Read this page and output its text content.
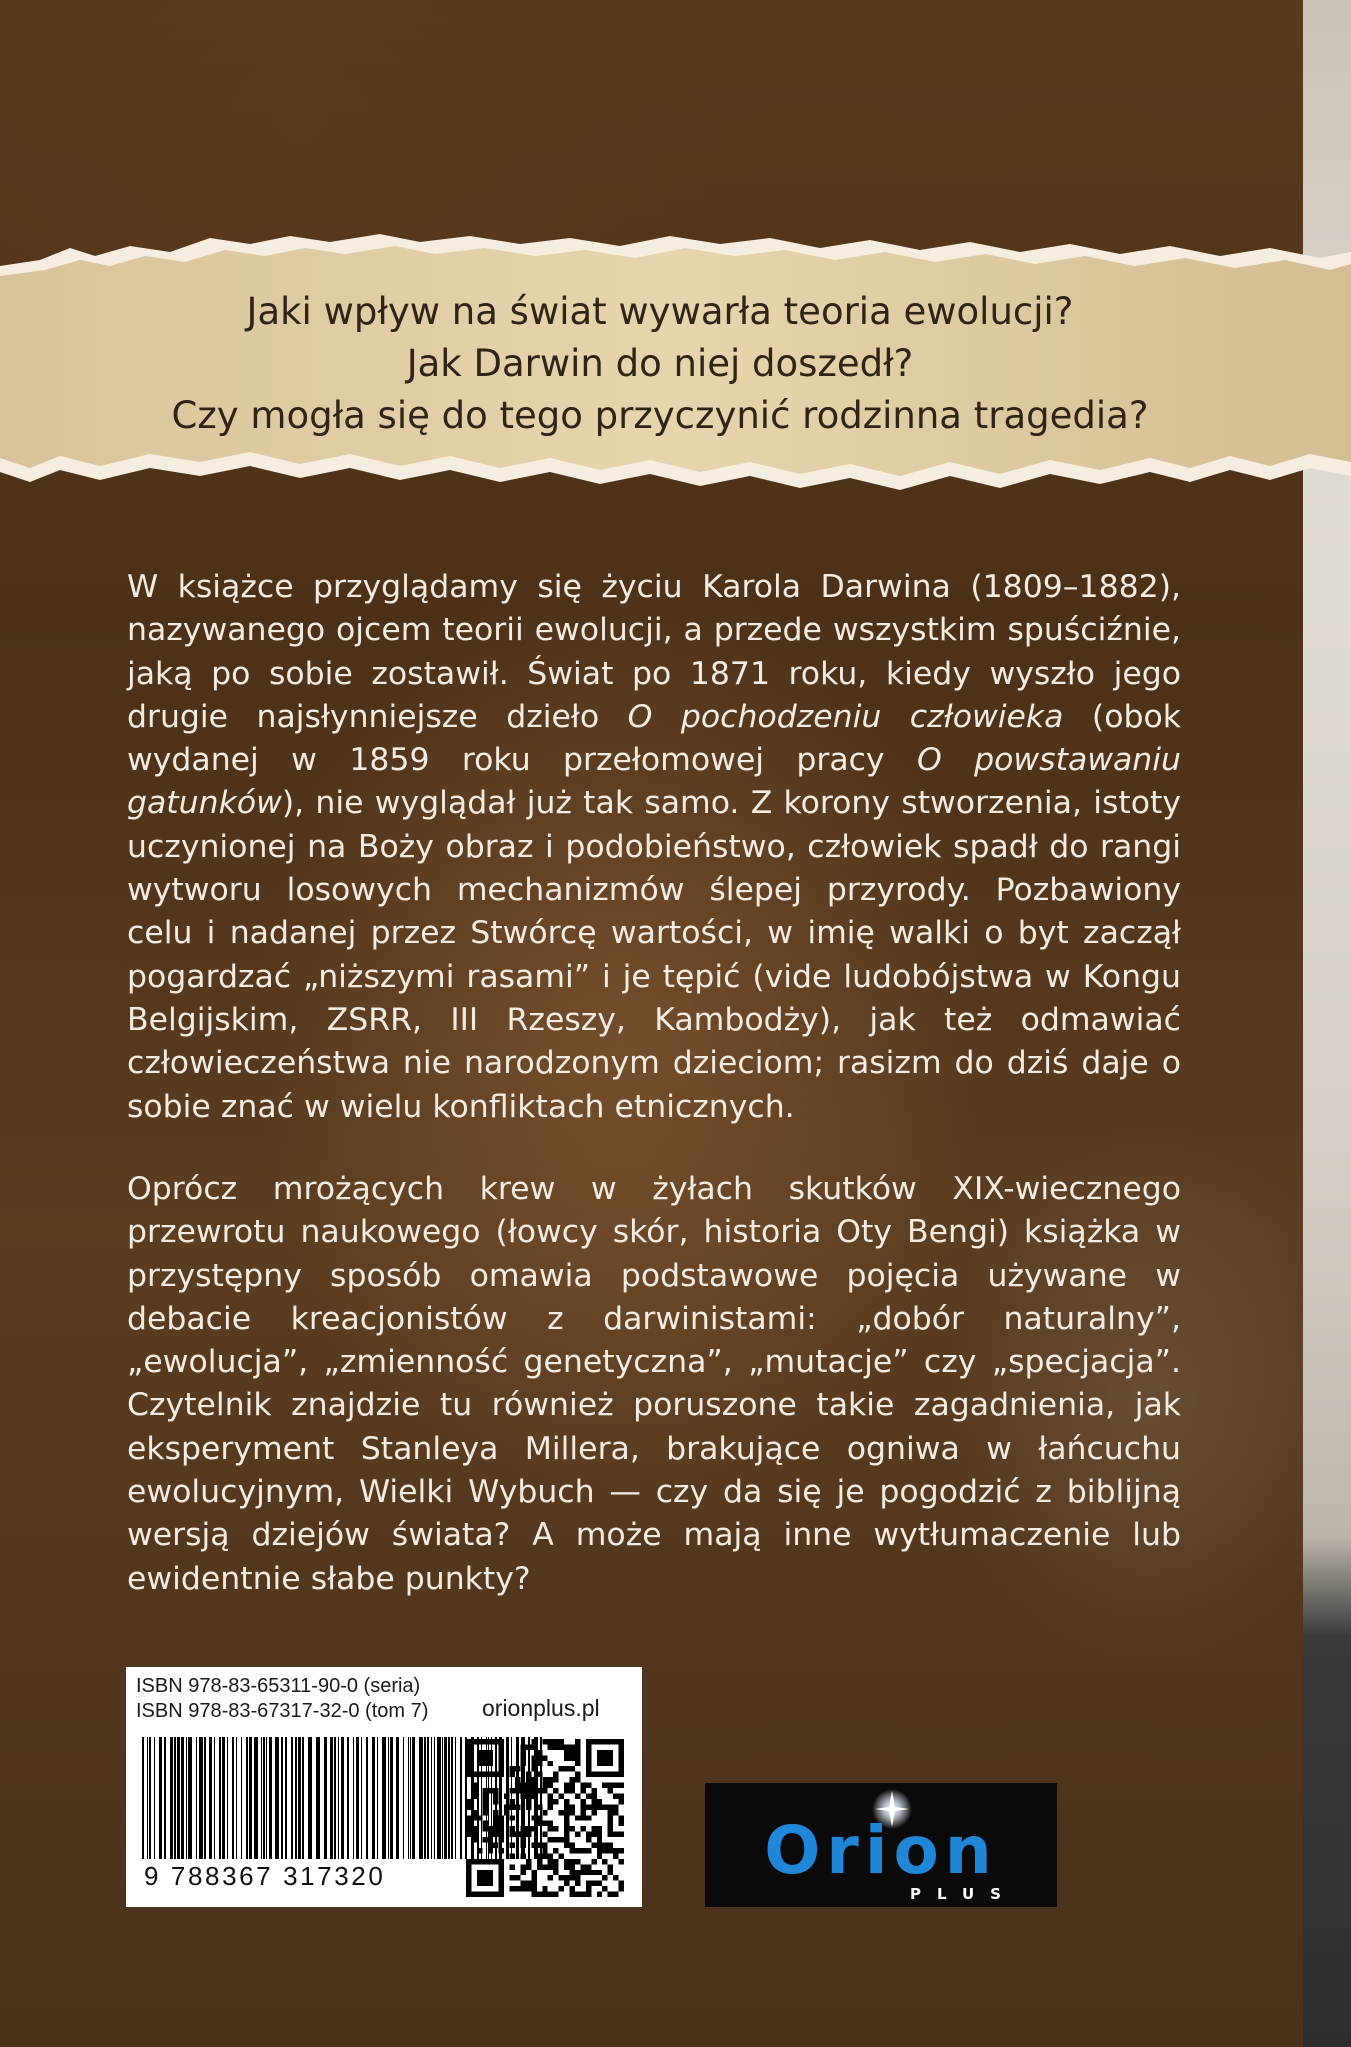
Jaki wpływ na świat wywarła teoria ewolucji?
Jak Darwin do niej doszedł?
Czy mogła się do tego przyczynić rodzinna tragedia?

W książce przyglądamy się życiu Karola Darwina (1809–1882), nazywanego ojcem teorii ewolucji, a przede wszystkim spuściźnie, jaką po sobie zostawił. Świat po 1871 roku, kiedy wyszło jego drugie najsłynniejsze dzieło O pochodzeniu człowieka (obok wydanej w 1859 roku przełomowej pracy O powstawaniu gatunków), nie wyglądał już tak samo. Z korony stworzenia, istoty uczynionej na Boży obraz i podobieństwo, człowiek spadł do rangi wytworu losowych mechanizmów ślepej przyrody. Pozbawiony celu i nadanej przez Stwórcę wartości, w imię walki o byt zaczął pogardzać „niższymi rasami” i je tępić (vide ludobójstwa w Kongu Belgijskim, ZSRR, III Rzeszy, Kambodży), jak też odmawiać człowieczeństwa nie narodzonym dzieciom; rasizm do dziś daje o sobie znać w wielu konfliktach etnicznych.

Oprócz mrożących krew w żyłach skutków XIX-wiecznego przewrotu naukowego (łowcy skór, historia Oty Bengi) książka w przystępny sposób omawia podstawowe pojęcia używane w debacie kreacjonistów z darwinistami: „dobór naturalny”, „ewolucja”, „zmienność genetyczna”, „mutacje” czy „specjacja”. Czytelnik znajdzie tu również poruszone takie zagadnienia, jak eksperyment Stanleya Millera, brakujące ogniwa w łańcuchu ewolucyjnym, Wielki Wybuch — czy da się je pogodzić z biblijną wersją dziejów świata? A może mają inne wytłumaczenie lub ewidentnie słabe punkty?

ISBN 978-83-65311-90-0 (seria)
ISBN 978-83-67317-32-0 (tom 7) orionplus.pl
9 788367 317320	Orion
PLUS
